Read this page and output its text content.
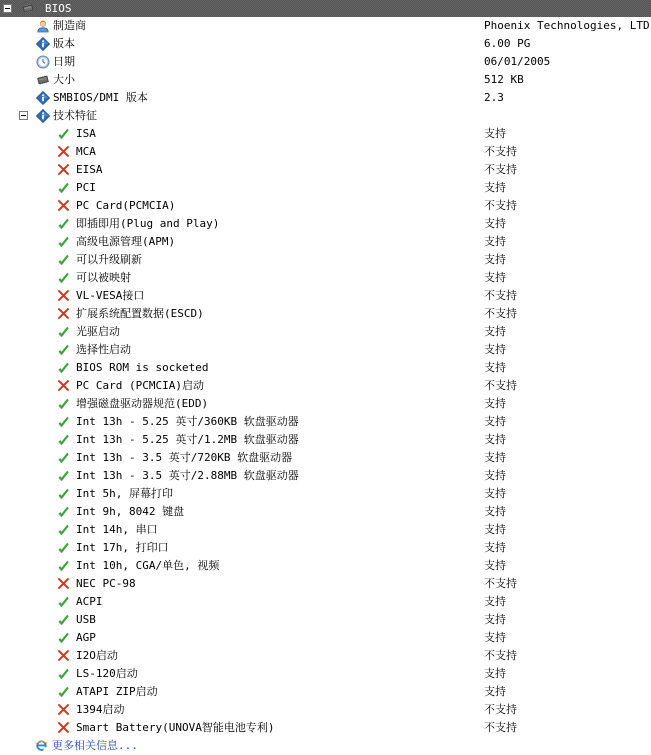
BIOS
制造商	Phoenix Technologies, LTD
版本	6.00 PG
日期	06/01/2005
大小	512 KB
SMBIOS/DMI 版本	2.3
技术特征
ISA	支持
MCA	不支持
EISA	不支持
PCI	支持
PC Card(PCMCIA)	不支持
即插即用(Plug and Play)	支持
高级电源管理(APM)	支持
可以升级刷新	支持
可以被映射	支持
VL-VESA接口	不支持
扩展系统配置数据(ESCD)	不支持
光驱启动	支持
选择性启动	支持
BIOS ROM is socketed	支持
PC Card (PCMCIA)启动	不支持
增强磁盘驱动器规范(EDD)	支持
Int 13h - 5.25 英寸/360KB 软盘驱动器	支持
Int 13h - 5.25 英寸/1.2MB 软盘驱动器	支持
Int 13h - 3.5 英寸/720KB 软盘驱动器	支持
Int 13h - 3.5 英寸/2.88MB 软盘驱动器	支持
Int 5h, 屏幕打印	支持
Int 9h, 8042 键盘	支持
Int 14h, 串口	支持
Int 17h, 打印口	支持
Int 10h, CGA/单色, 视频	支持
NEC PC-98	不支持
ACPI	支持
USB	支持
AGP	支持
I2O启动	不支持
LS-120启动	支持
ATAPI ZIP启动	支持
1394启动	不支持
Smart Battery(UNOVA智能电池专利)	不支持
更多相关信息...
